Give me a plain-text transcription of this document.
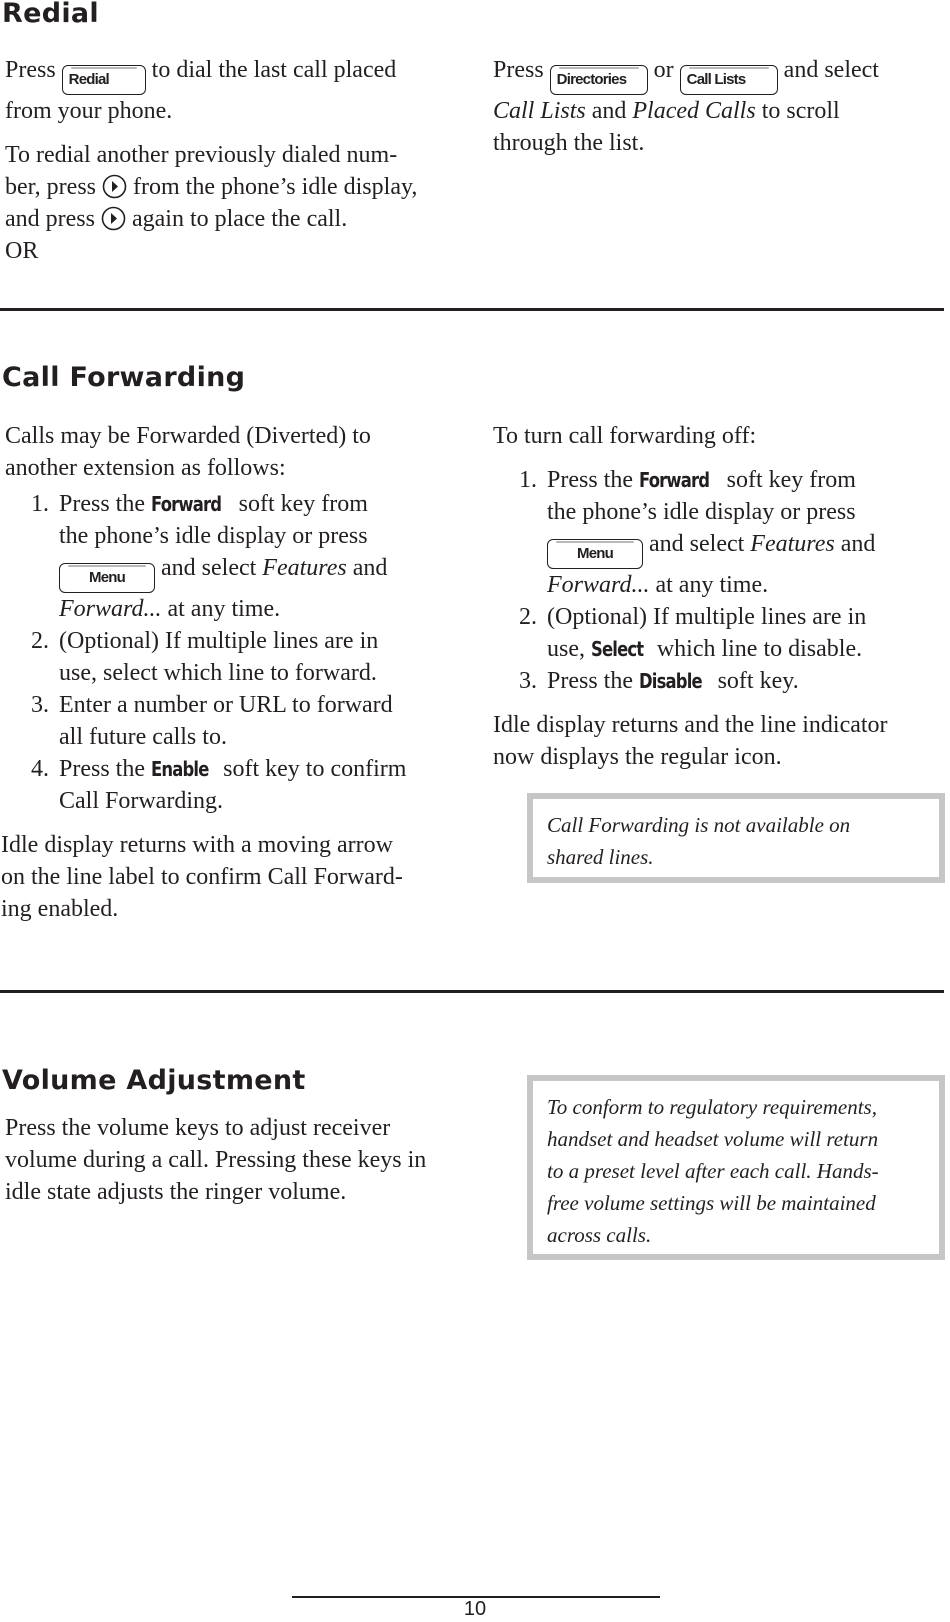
Redial

Press Redial to dial the last call placed
from your phone.

To redial another previously dialed num-
ber, press from the phone’s idle display,
and press again to place the call.
OR

Press Directories or Call Lists and select
Call Lists and Placed Calls to scroll
through the list.

Call Forwarding

Calls may be Forwarded (Diverted) to
another extension as follows:

1. Press the Forward soft key from
the phone’s idle display or press
Menu and select Features and
Forward... at any time.
2. (Optional) If multiple lines are in
use, select which line to forward.
3. Enter a number or URL to forward
all future calls to.
4. Press the Enable soft key to confirm
Call Forwarding.

Idle display returns with a moving arrow
on the line label to confirm Call Forward-
ing enabled.

To turn call forwarding off:

1. Press the Forward soft key from
the phone’s idle display or press
Menu and select Features and
Forward... at any time.
2. (Optional) If multiple lines are in
use, Select which line to disable.
3. Press the Disable soft key.

Idle display returns and the line indicator
now displays the regular icon.

Call Forwarding is not available on
shared lines.
Volume Adjustment

Press the volume keys to adjust receiver
volume during a call. Pressing these keys in
idle state adjusts the ringer volume.

To conform to regulatory requirements,
handset and headset volume will return
to a preset level after each call. Hands-
free volume settings will be maintained
across calls.
10
